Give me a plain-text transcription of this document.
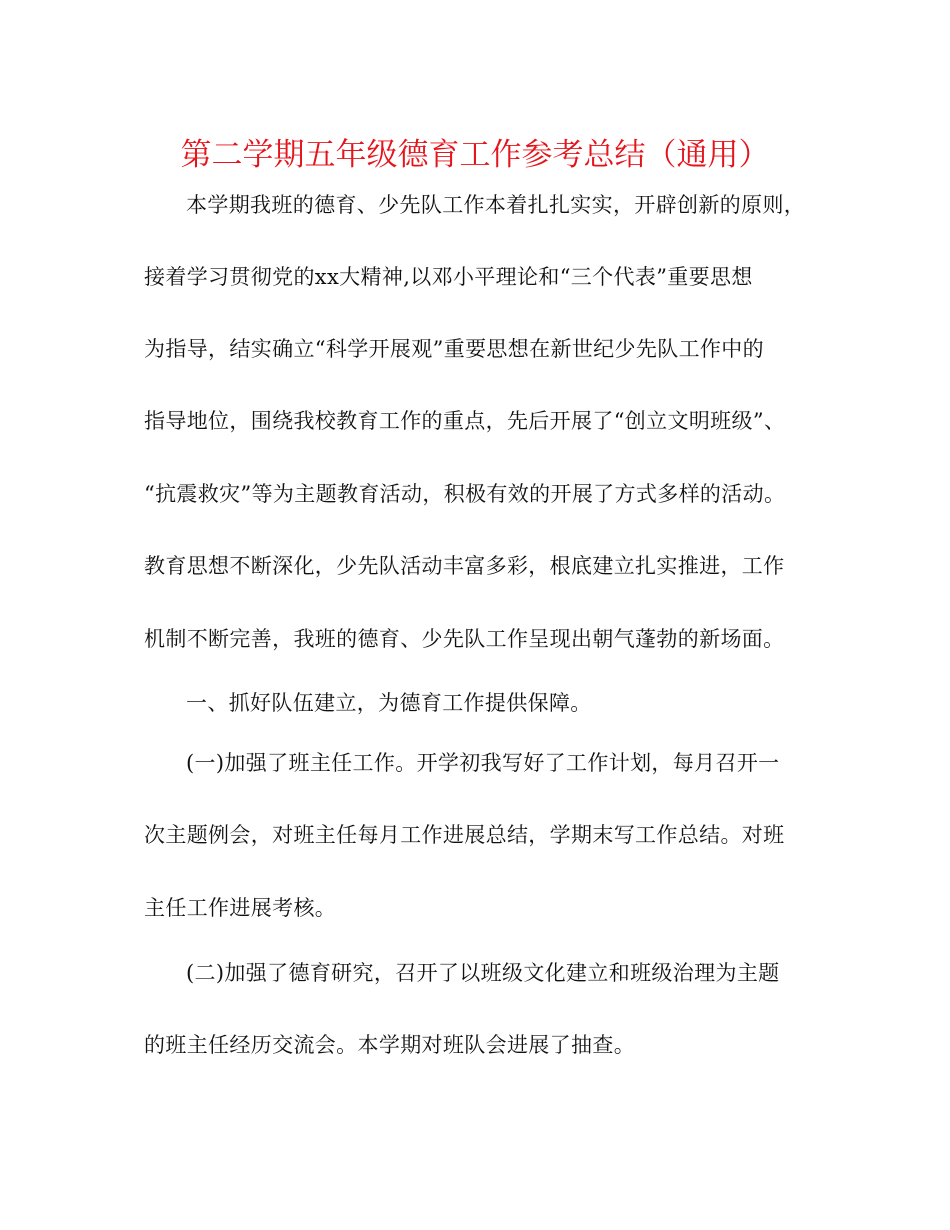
第二学期五年级德育工作参考总结（通用）
本学期我班的德育、少先队工作本着扎扎实实，开辟创新的原则，
接着学习贯彻党的xx大精神,以邓小平理论和“三个代表”重要思想
为指导，结实确立“科学开展观”重要思想在新世纪少先队工作中的
指导地位，围绕我校教育工作的重点，先后开展了“创立文明班级”、
“抗震救灾”等为主题教育活动，积极有效的开展了方式多样的活动。
教育思想不断深化，少先队活动丰富多彩，根底建立扎实推进，工作
机制不断完善，我班的德育、少先队工作呈现出朝气蓬勃的新场面。
一、抓好队伍建立，为德育工作提供保障。
(一)加强了班主任工作。开学初我写好了工作计划，每月召开一
次主题例会，对班主任每月工作进展总结，学期末写工作总结。对班
主任工作进展考核。
(二)加强了德育研究，召开了以班级文化建立和班级治理为主题
的班主任经历交流会。本学期对班队会进展了抽查。
